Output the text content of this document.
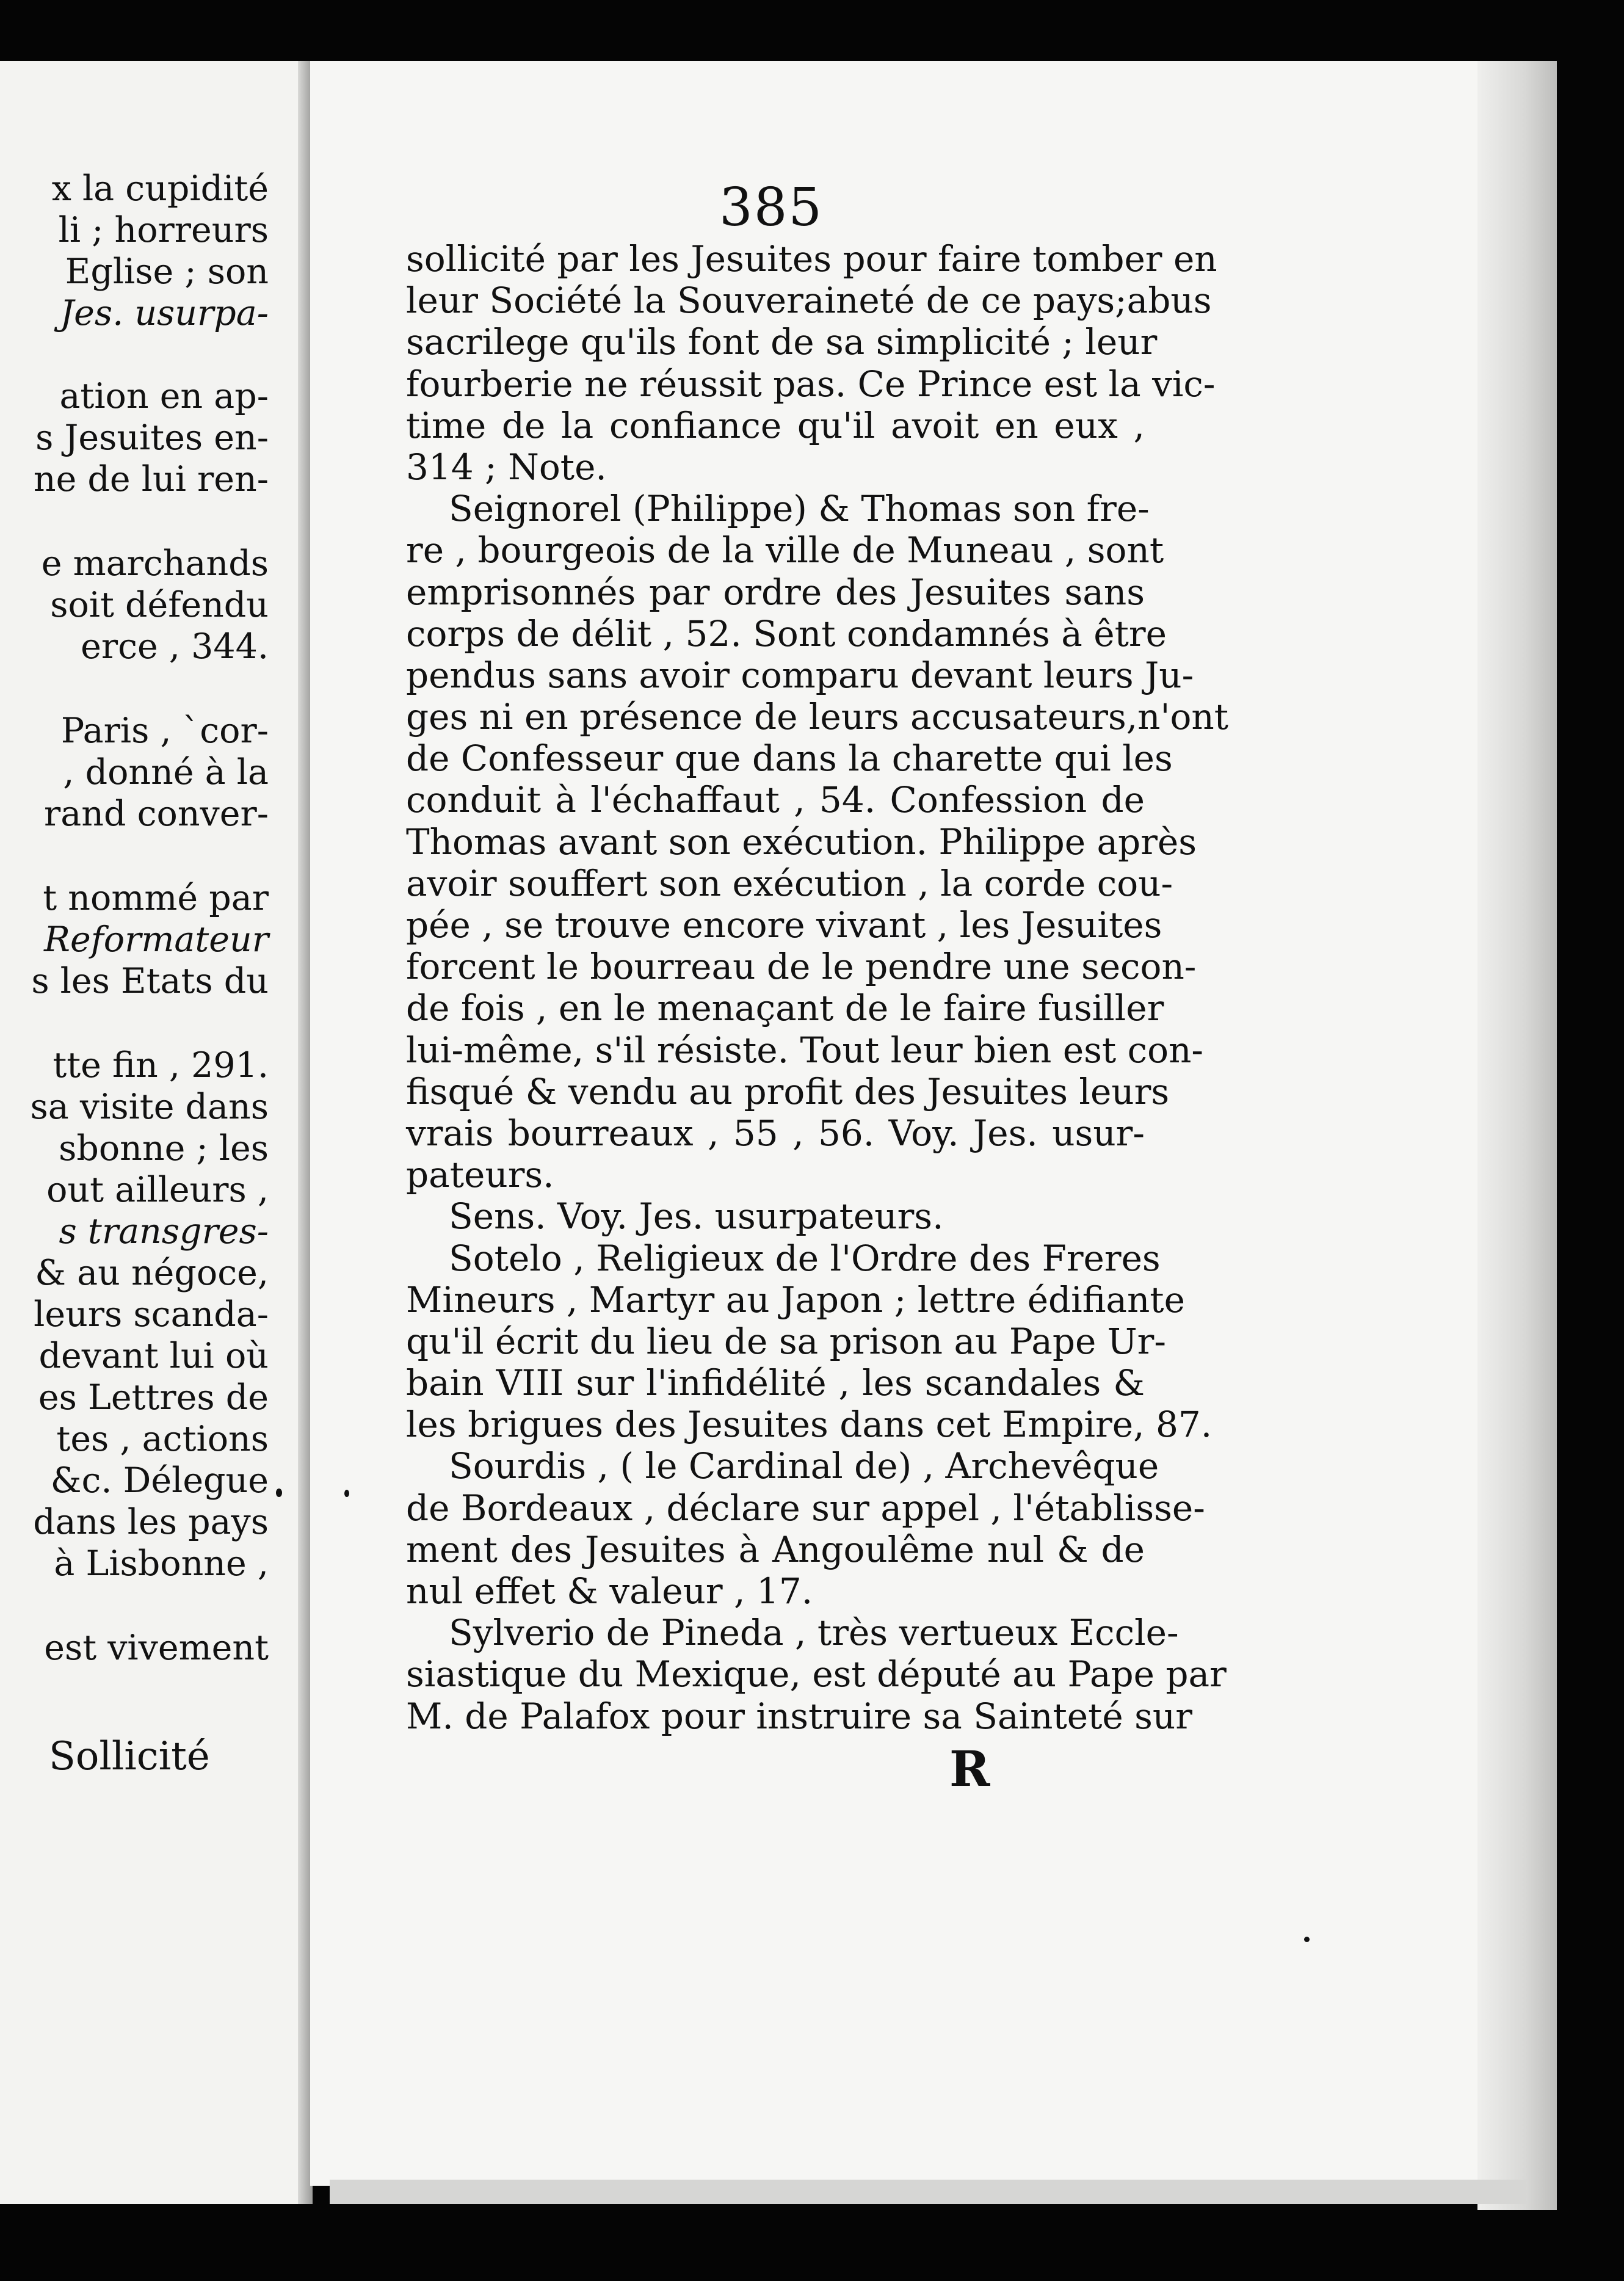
x la cupidité
li ; horreurs
Eglise ; son
Jes. usurpa-
ation en ap-
s Jesuites en-
ne de lui ren-
e marchands
soit défendu
erce , 344.
Paris , `cor-
, donné à la
rand conver-
t nommé par
Reformateur
s les Etats du
tte fin , 291.
sa visite dans
sbonne ; les
out ailleurs ,
s transgres-
& au négoce,
leurs scanda-
devant lui où
es Lettres de
tes , actions
&c. Délegue
dans les pays
à Lisbonne ,
est vivement
Sollicité
385
sollicité par les Jesuites pour faire tomber en
leur Société la Souveraineté de ce pays;abus
sacrilege qu'ils font de sa simplicité ; leur
fourberie ne réussit pas. Ce Prince est la vic-
time de la confiance qu'il avoit en eux ,
314 ; Note.
Seignorel (Philippe) & Thomas son fre-
re , bourgeois de la ville de Muneau , sont
emprisonnés par ordre des Jesuites sans
corps de délit , 52. Sont condamnés à être
pendus sans avoir comparu devant leurs Ju-
ges ni en présence de leurs accusateurs,n'ont
de Confesseur que dans la charette qui les
conduit à l'échaffaut , 54. Confession de
Thomas avant son exécution. Philippe après
avoir souffert son exécution , la corde cou-
pée , se trouve encore vivant , les Jesuites
forcent le bourreau de le pendre une secon-
de fois , en le menaçant de le faire fusiller
lui-même, s'il résiste. Tout leur bien est con-
fisqué & vendu au profit des Jesuites leurs
vrais bourreaux , 55 , 56. Voy. Jes. usur-
pateurs.
Sens. Voy. Jes. usurpateurs.
Sotelo , Religieux de l'Ordre des Freres
Mineurs , Martyr au Japon ; lettre édifiante
qu'il écrit du lieu de sa prison au Pape Ur-
bain VIII sur l'infidélité , les scandales &
les brigues des Jesuites dans cet Empire, 87.
Sourdis , ( le Cardinal de) , Archevêque
de Bordeaux , déclare sur appel , l'établisse-
ment des Jesuites à Angoulême nul & de
nul effet & valeur , 17.
Sylverio de Pineda , très vertueux Eccle-
siastique du Mexique, est député au Pape par
M. de Palafox pour instruire sa Sainteté sur
R
